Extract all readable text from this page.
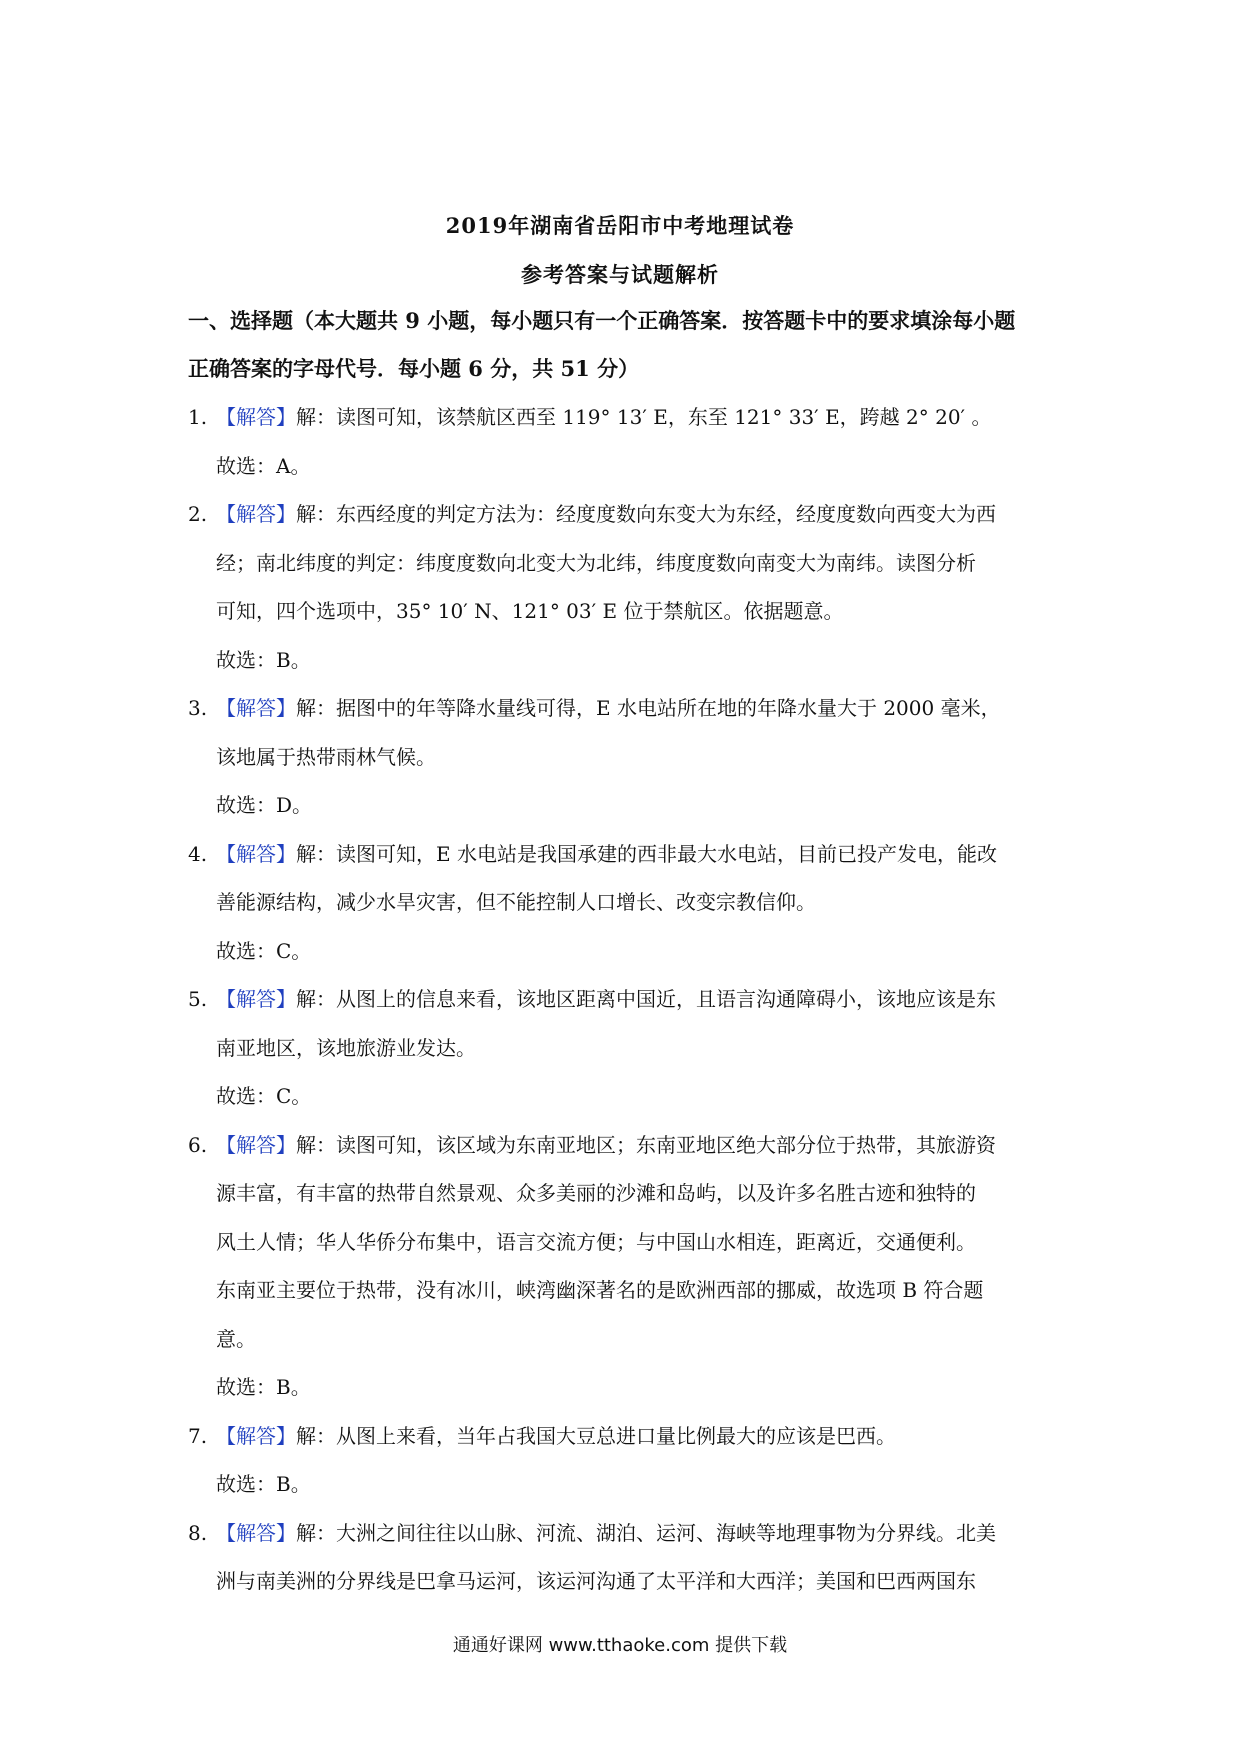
2019年湖南省岳阳市中考地理试卷
参考答案与试题解析
一、选择题（本大题共 9 小题，每小题只有一个正确答案．按答题卡中的要求填涂每小题
正确答案的字母代号．每小题 6 分，共 51 分）
1. 【解答】解：读图可知，该禁航区西至 119° 13′ E，东至 121° 33′ E，跨越 2° 20′ 。
故选：A。
2. 【解答】解：东西经度的判定方法为：经度度数向东变大为东经，经度度数向西变大为西
经；南北纬度的判定：纬度度数向北变大为北纬，纬度度数向南变大为南纬。读图分析
可知，四个选项中，35° 10′ N、121° 03′ E 位于禁航区。依据题意。
故选：B。
3. 【解答】解：据图中的年等降水量线可得，E 水电站所在地的年降水量大于 2000 毫米，
该地属于热带雨林气候。
故选：D。
4. 【解答】解：读图可知，E 水电站是我国承建的西非最大水电站，目前已投产发电，能改
善能源结构，减少水旱灾害，但不能控制人口增长、改变宗教信仰。
故选：C。
5. 【解答】解：从图上的信息来看，该地区距离中国近，且语言沟通障碍小，该地应该是东
南亚地区，该地旅游业发达。
故选：C。
6. 【解答】解：读图可知，该区域为东南亚地区；东南亚地区绝大部分位于热带，其旅游资
源丰富，有丰富的热带自然景观、众多美丽的沙滩和岛屿，以及许多名胜古迹和独特的
风土人情；华人华侨分布集中，语言交流方便；与中国山水相连，距离近，交通便利。
东南亚主要位于热带，没有冰川，峡湾幽深著名的是欧洲西部的挪威，故选项 B 符合题
意。
故选：B。
7. 【解答】解：从图上来看，当年占我国大豆总进口量比例最大的应该是巴西。
故选：B。
8. 【解答】解：大洲之间往往以山脉、河流、湖泊、运河、海峡等地理事物为分界线。北美
洲与南美洲的分界线是巴拿马运河，该运河沟通了太平洋和大西洋；美国和巴西两国东
通通好课网 www.tthaoke.com 提供下载
